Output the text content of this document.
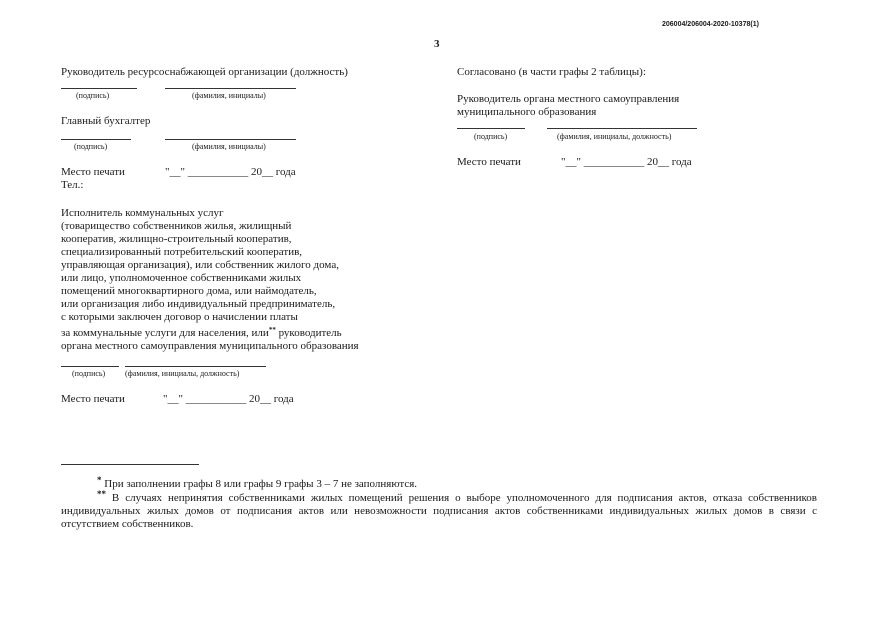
206004/206004-2020-10378(1)
3
Руководитель ресурсоснабжающей организации (должность)
(подпись)	(фамилия, инициалы)
Главный бухгалтер
(подпись)	(фамилия, инициалы)
Место печати	"__" ___________ 20__ года
Тел.:
Исполнитель коммунальных услуг
(товарищество собственников жилья, жилищный
кооператив, жилищно-строительный кооператив,
специализированный потребительский кооператив,
управляющая организация), или собственник жилого дома,
или лицо, уполномоченное собственниками жилых
помещений многоквартирного дома, или наймодатель,
или организация либо индивидуальный предприниматель,
с которыми заключен договор о начислении платы
за коммунальные услуги для населения, или** руководитель
органа местного самоуправления муниципального образования
(подпись) (фамилия, инициалы, должность)
Место печати	"__" ___________ 20__ года
Согласовано (в части графы 2 таблицы):
Руководитель органа местного самоуправления
муниципального образования
(подпись)	(фамилия, инициалы, должность)
Место печати	"__" ___________ 20__ года
* При заполнении графы 8 или графы 9 графы 3 – 7 не заполняются.
** В случаях непринятия собственниками жилых помещений решения о выборе уполномоченного для подписания актов, отказа собственников индивидуальных жилых домов от подписания актов или невозможности подписания актов собственниками индивидуальных жилых домов в связи с отсутствием собственников.
